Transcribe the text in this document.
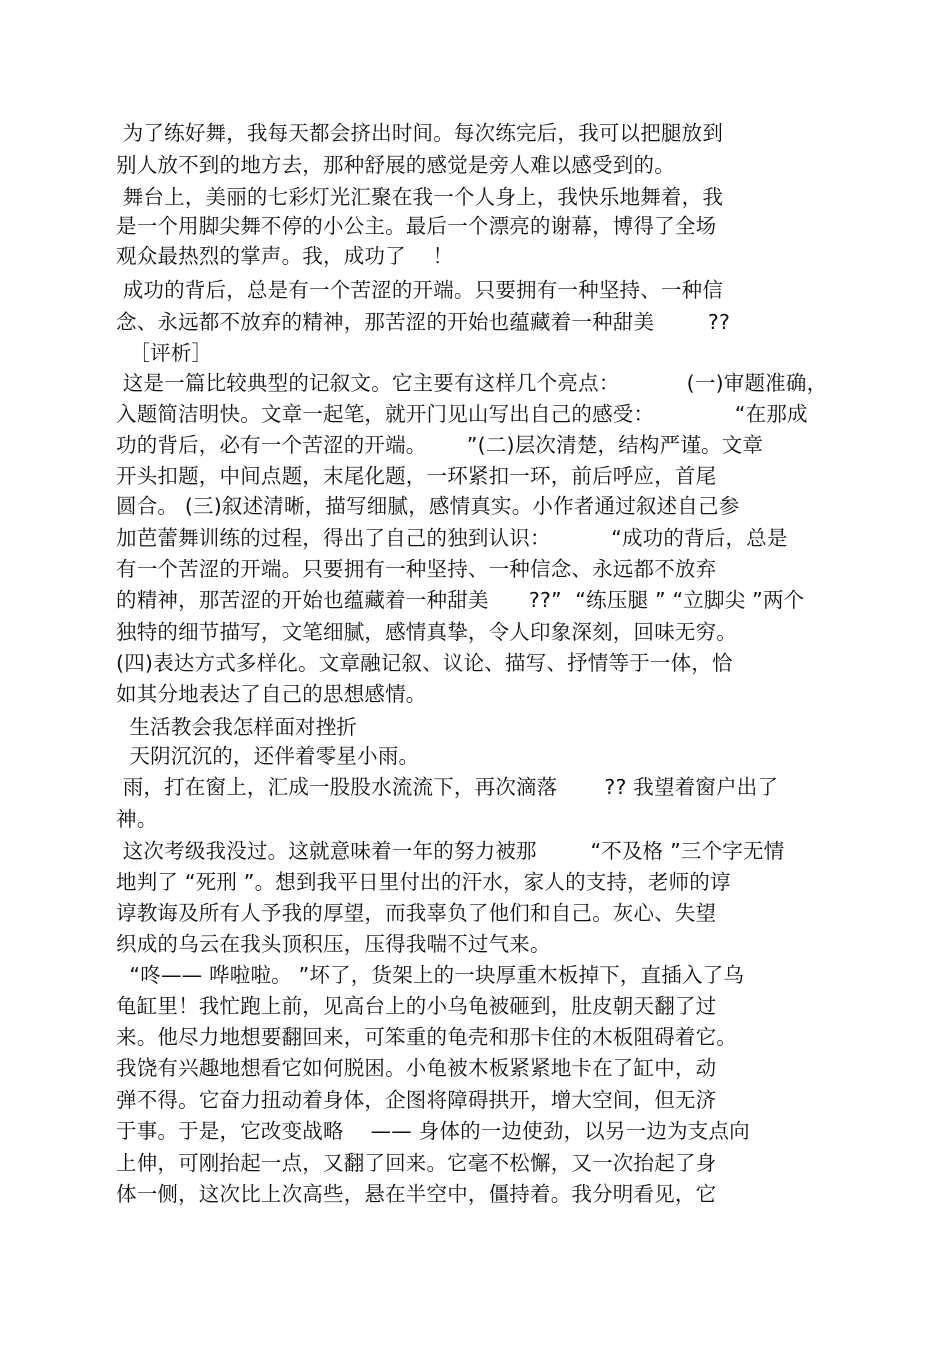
为了练好舞，我每天都会挤出时间。每次练完后，我可以把腿放到
别人放不到的地方去，那种舒展的感觉是旁人难以感受到的。
舞台上，美丽的七彩灯光汇聚在我一个人身上，我快乐地舞着，我
是一个用脚尖舞不停的小公主。最后一个漂亮的谢幕，博得了全场
观众最热烈的掌声。我，成功了    ！
成功的背后，总是有一个苦涩的开端。只要拥有一种坚持、一种信
念、永远都不放弃的精神，那苦涩的开始也蕴藏着一种甜美        ??
［评析］
这是一篇比较典型的记叙文。它主要有这样几个亮点：          (一)审题准确，
入题简洁明快。文章一起笔，就开门见山写出自己的感受：            “在那成
功的背后，必有一个苦涩的开端。      ”(二)层次清楚，结构严谨。文章
开头扣题，中间点题，末尾化题，一环紧扣一环，前后呼应，首尾
圆合。 (三)叙述清晰，描写细腻，感情真实。小作者通过叙述自己参
加芭蕾舞训练的过程，得出了自己的独到认识：         “成功的背后，总是
有一个苦涩的开端。只要拥有一种坚持、一种信念、永远都不放弃
的精神，那苦涩的开始也蕴藏着一种甜美      ??”  “练压腿 ” “立脚尖 ”两个
独特的细节描写，文笔细腻，感情真挚，令人印象深刻，回味无穷。
(四)表达方式多样化。文章融记叙、议论、描写、抒情等于一体，恰
如其分地表达了自己的思想感情。
生活教会我怎样面对挫折
天阴沉沉的，还伴着零星小雨。
雨，打在窗上，汇成一股股水流流下，再次滴落       ?? 我望着窗户出了
神。
这次考级我没过。这就意味着一年的努力被那        “不及格 ”三个字无情
地判了 “死刑 ”。想到我平日里付出的汗水，家人的支持，老师的谆
谆教诲及所有人予我的厚望，而我辜负了他们和自己。灰心、失望
织成的乌云在我头顶积压，压得我喘不过气来。
“咚—— 哗啦啦。 ”坏了，货架上的一块厚重木板掉下，直插入了乌
龟缸里！我忙跑上前，见高台上的小乌龟被砸到，肚皮朝天翻了过
来。他尽力地想要翻回来，可笨重的龟壳和那卡住的木板阻碍着它。
我饶有兴趣地想看它如何脱困。小龟被木板紧紧地卡在了缸中，动
弹不得。它奋力扭动着身体，企图将障碍拱开，增大空间，但无济
于事。于是，它改变战略    —— 身体的一边使劲，以另一边为支点向
上伸，可刚抬起一点，又翻了回来。它毫不松懈，又一次抬起了身
体一侧，这次比上次高些，悬在半空中，僵持着。我分明看见，它
